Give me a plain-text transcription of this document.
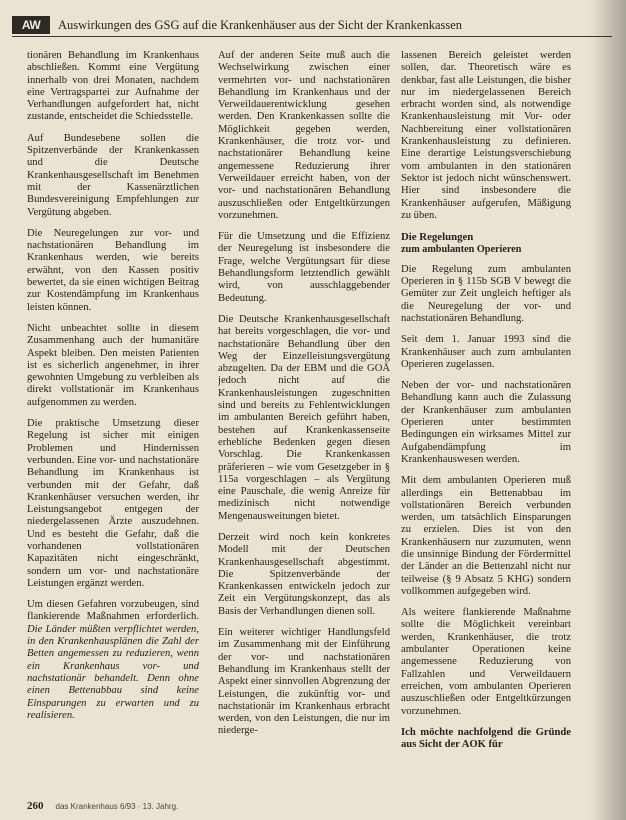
AW	Auswirkungen des GSG auf die Krankenhäuser aus der Sicht der Krankenkassen

tionären Behandlung im Krankenhaus abschließen. Kommt eine Vergütung innerhalb von drei Monaten, nachdem eine Vertragspartei zur Aufnahme der Verhandlungen aufgefordert hat, nicht zustande, entscheidet die Schiedsstelle.

Auf Bundesebene sollen die Spitzenverbände der Krankenkassen und die Deutsche Krankenhausgesellschaft im Benehmen mit der Kassenärztlichen Bundesvereinigung Empfehlungen zur Vergütung abgeben.

Die Neuregelungen zur vor- und nachstationären Behandlung im Krankenhaus werden, wie bereits erwähnt, von den Kassen positiv bewertet, da sie einen wichtigen Beitrag zur Kostendämpfung im Krankenhaus leisten können.

Nicht unbeachtet sollte in diesem Zusammenhang auch der humanitäre Aspekt bleiben. Den meisten Patienten ist es sicherlich angenehmer, in ihrer gewohnten Umgebung zu verbleiben als direkt vollstationär im Krankenhaus aufgenommen zu werden.

Die praktische Umsetzung dieser Regelung ist sicher mit einigen Problemen und Hindernissen verbunden. Eine vor- und nachstationäre Behandlung im Krankenhaus ist verbunden mit der Gefahr, daß Krankenhäuser versuchen werden, ihr Leistungsangebot entgegen der niedergelassenen Ärzte auszudehnen. Und es besteht die Gefahr, daß die vorhandenen vollstationären Kapazitäten nicht eingeschränkt, sondern um vor- und nachstationäre Leistungen ergänzt werden.

Um diesen Gefahren vorzubeugen, sind flankierende Maßnahmen erforderlich. Die Länder müßten verpflichtet werden, in den Krankenhausplänen die Zahl der Betten angemessen zu reduzieren, wenn ein Krankenhaus vor- und nachstationär behandelt. Denn ohne einen Bettenabbau sind keine Einsparungen zu erwarten und zu realisieren.

Auf der anderen Seite muß auch die Wechselwirkung zwischen einer vermehrten vor- und nachstationären Behandlung im Krankenhaus und der Verweildauerentwicklung gesehen werden. Den Krankenkassen sollte die Möglichkeit gegeben werden, Krankenhäuser, die trotz vor- und nachstationärer Behandlung keine angemessene Reduzierung ihrer Verweildauer erreicht haben, von der vor- und nachstationären Behandlung auszuschließen oder Entgeltkürzungen vorzunehmen.

Für die Umsetzung und die Effizienz der Neuregelung ist insbesondere die Frage, welche Vergütungsart für diese Behandlungsform letztendlich gewählt wird, von ausschlaggebender Bedeutung.

Die Deutsche Krankenhausgesellschaft hat bereits vorgeschlagen, die vor- und nachstationäre Behandlung über den Weg der Einzelleistungsvergütung abzugelten. Da der EBM und die GOÄ jedoch nicht auf die Krankenhausleistungen zugeschnitten sind und bereits zu Fehlentwicklungen im ambulanten Bereich geführt haben, bestehen auf Krankenkassenseite erhebliche Bedenken gegen diesen Vorschlag. Die Krankenkassen präferieren – wie vom Gesetzgeber in § 115a vorgeschlagen – als Vergütung eine Pauschale, die wenig Anreize für medizinisch nicht notwendige Mengenausweitungen bietet.

Derzeit wird noch kein konkretes Modell mit der Deutschen Krankenhausgesellschaft abgestimmt. Die Spitzenverbände der Krankenkassen entwickeln jedoch zur Zeit ein Vergütungskonzept, das als Basis der Verhandlungen dienen soll.

Ein weiterer wichtiger Handlungsfeld im Zusammenhang mit der Einführung der vor- und nachstationären Behandlung im Krankenhaus stellt der Aspekt einer sinnvollen Abgrenzung der Leistungen, die zukünftig vor- und nachstationär im Krankenhaus erbracht werden, von den Leistungen, die nur im niederge-

lassenen Bereich geleistet werden sollen, dar. Theoretisch wäre es denkbar, fast alle Leistungen, die bisher nur im niedergelassenen Bereich erbracht worden sind, als notwendige Krankenhausleistung mit Vor- oder Nachbereitung einer vollstationären Krankenhausleistung zu definieren. Eine derartige Leistungsverschiebung vom ambulanten in den stationären Sektor ist jedoch nicht wünschenswert. Hier sind insbesondere die Krankenhäuser aufgerufen, Mäßigung zu üben.

Die Regelungen
zum ambulanten Operieren

Die Regelung zum ambulanten Operieren in § 115b SGB V bewegt die Gemüter zur Zeit ungleich heftiger als die Neuregelung der vor- und nachstationären Behandlung.

Seit dem 1. Januar 1993 sind die Krankenhäuser auch zum ambulanten Operieren zugelassen.

Neben der vor- und nachstationären Behandlung kann auch die Zulassung der Krankenhäuser zum ambulanten Operieren unter bestimmten Bedingungen ein wirksames Mittel zur Aufgabendämpfung im Krankenhauswesen werden.

Mit dem ambulanten Operieren muß allerdings ein Bettenabbau im vollstationären Bereich verbunden werden, um tatsächlich Einsparungen zu erzielen. Dies ist von den Krankenhäusern nur zuzumuten, wenn die unsinnige Bindung der Fördermittel der Länder an die Bettenzahl nicht nur teilweise (§ 9 Absatz 5 KHG) sondern vollkommen aufgegeben wird.

Als weitere flankierende Maßnahme sollte die Möglichkeit vereinbart werden, Krankenhäuser, die trotz ambulanter Operationen keine angemessene Reduzierung von Fallzahlen und Verweildauern erreichen, vom ambulanten Operieren auszuschließen oder Entgeltkürzungen vorzunehmen.

Ich möchte nachfolgend die Gründe aus Sicht der AOK für

260 das Krankenhaus 6/93 · 13. Jahrg.
